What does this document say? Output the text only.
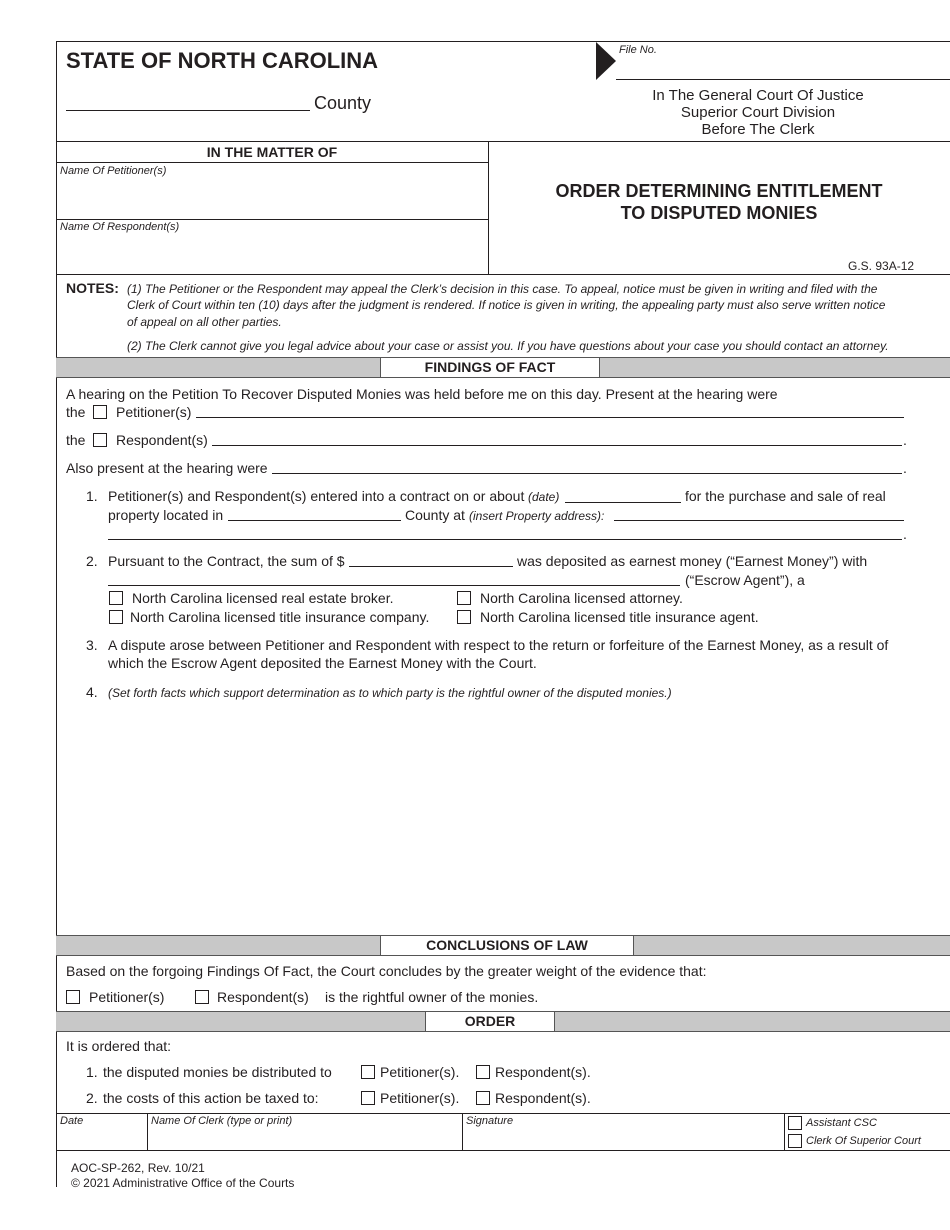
STATE OF NORTH CAROLINA
County
File No.
In The General Court Of Justice
Superior Court Division
Before The Clerk
IN THE MATTER OF
Name Of Petitioner(s)
Name Of Respondent(s)
ORDER DETERMINING ENTITLEMENT
TO DISPUTED MONIES
G.S. 93A-12
NOTES: (1) The Petitioner or the Respondent may appeal the Clerk’s decision in this case. To appeal, notice must be given in writing and filed with the
Clerk of Court within ten (10) days after the judgment is rendered. If notice is given in writing, the appealing party must also serve written notice
of appeal on all other parties.
(2) The Clerk cannot give you legal advice about your case or assist you. If you have questions about your case you should contact an attorney.
FINDINGS OF FACT
A hearing on the Petition To Recover Disputed Monies was held before me on this day. Present at the hearing were
the Petitioner(s)
the Respondent(s)	.
Also present at the hearing were	.
1. Petitioner(s) and Respondent(s) entered into a contract on or about (date)	for the purchase and sale of real
property located in	County at (insert Property address):
.
2. Pursuant to the Contract, the sum of $	was deposited as earnest money (“Earnest Money”) with
(“Escrow Agent”), a
North Carolina licensed real estate broker.	North Carolina licensed attorney.
North Carolina licensed title insurance company.	North Carolina licensed title insurance agent.
3. A dispute arose between Petitioner and Respondent with respect to the return or forfeiture of the Earnest Money, as a result of
which the Escrow Agent deposited the Earnest Money with the Court.
4. (Set forth facts which support determination as to which party is the rightful owner of the disputed monies.)
CONCLUSIONS OF LAW
Based on the forgoing Findings Of Fact, the Court concludes by the greater weight of the evidence that:
Petitioner(s)	Respondent(s) is the rightful owner of the monies.
ORDER
It is ordered that:
1. the disputed monies be distributed to	Petitioner(s).	Respondent(s).
2. the costs of this action be taxed to:	Petitioner(s).	Respondent(s).
Date	Name Of Clerk (type or print)	Signature	Assistant CSC
Clerk Of Superior Court
AOC-SP-262, Rev. 10/21
© 2021 Administrative Office of the Courts
